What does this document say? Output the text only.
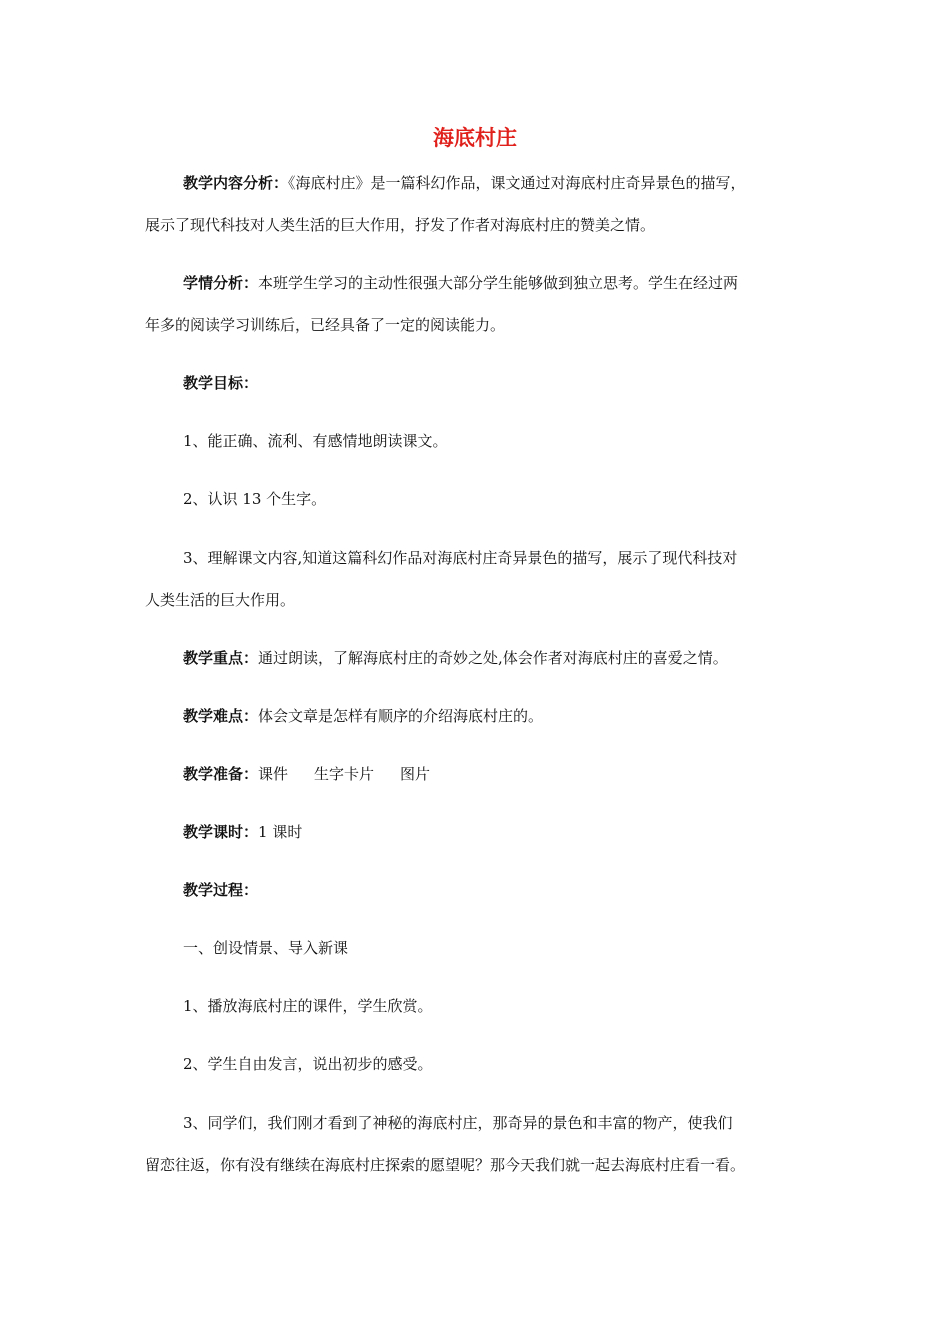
海底村庄
教学内容分析：《海底村庄》是一篇科幻作品，课文通过对海底村庄奇异景色的描写，
展示了现代科技对人类生活的巨大作用，抒发了作者对海底村庄的赞美之情。
学情分析：本班学生学习的主动性很强大部分学生能够做到独立思考。学生在经过两
年多的阅读学习训练后，已经具备了一定的阅读能力。
教学目标：
1、能正确、流利、有感情地朗读课文。
2、认识 13 个生字。
3、理解课文内容,知道这篇科幻作品对海底村庄奇异景色的描写，展示了现代科技对
人类生活的巨大作用。
教学重点：通过朗读，了解海底村庄的奇妙之处,体会作者对海底村庄的喜爱之情。
教学难点：体会文章是怎样有顺序的介绍海底村庄的。
教学准备：课件 生字卡片 图片
教学课时：1 课时
教学过程：
一、创设情景、导入新课
1、播放海底村庄的课件，学生欣赏。
2、学生自由发言，说出初步的感受。
3、同学们，我们刚才看到了神秘的海底村庄，那奇异的景色和丰富的物产，使我们
留恋往返，你有没有继续在海底村庄探索的愿望呢？那今天我们就一起去海底村庄看一看。
